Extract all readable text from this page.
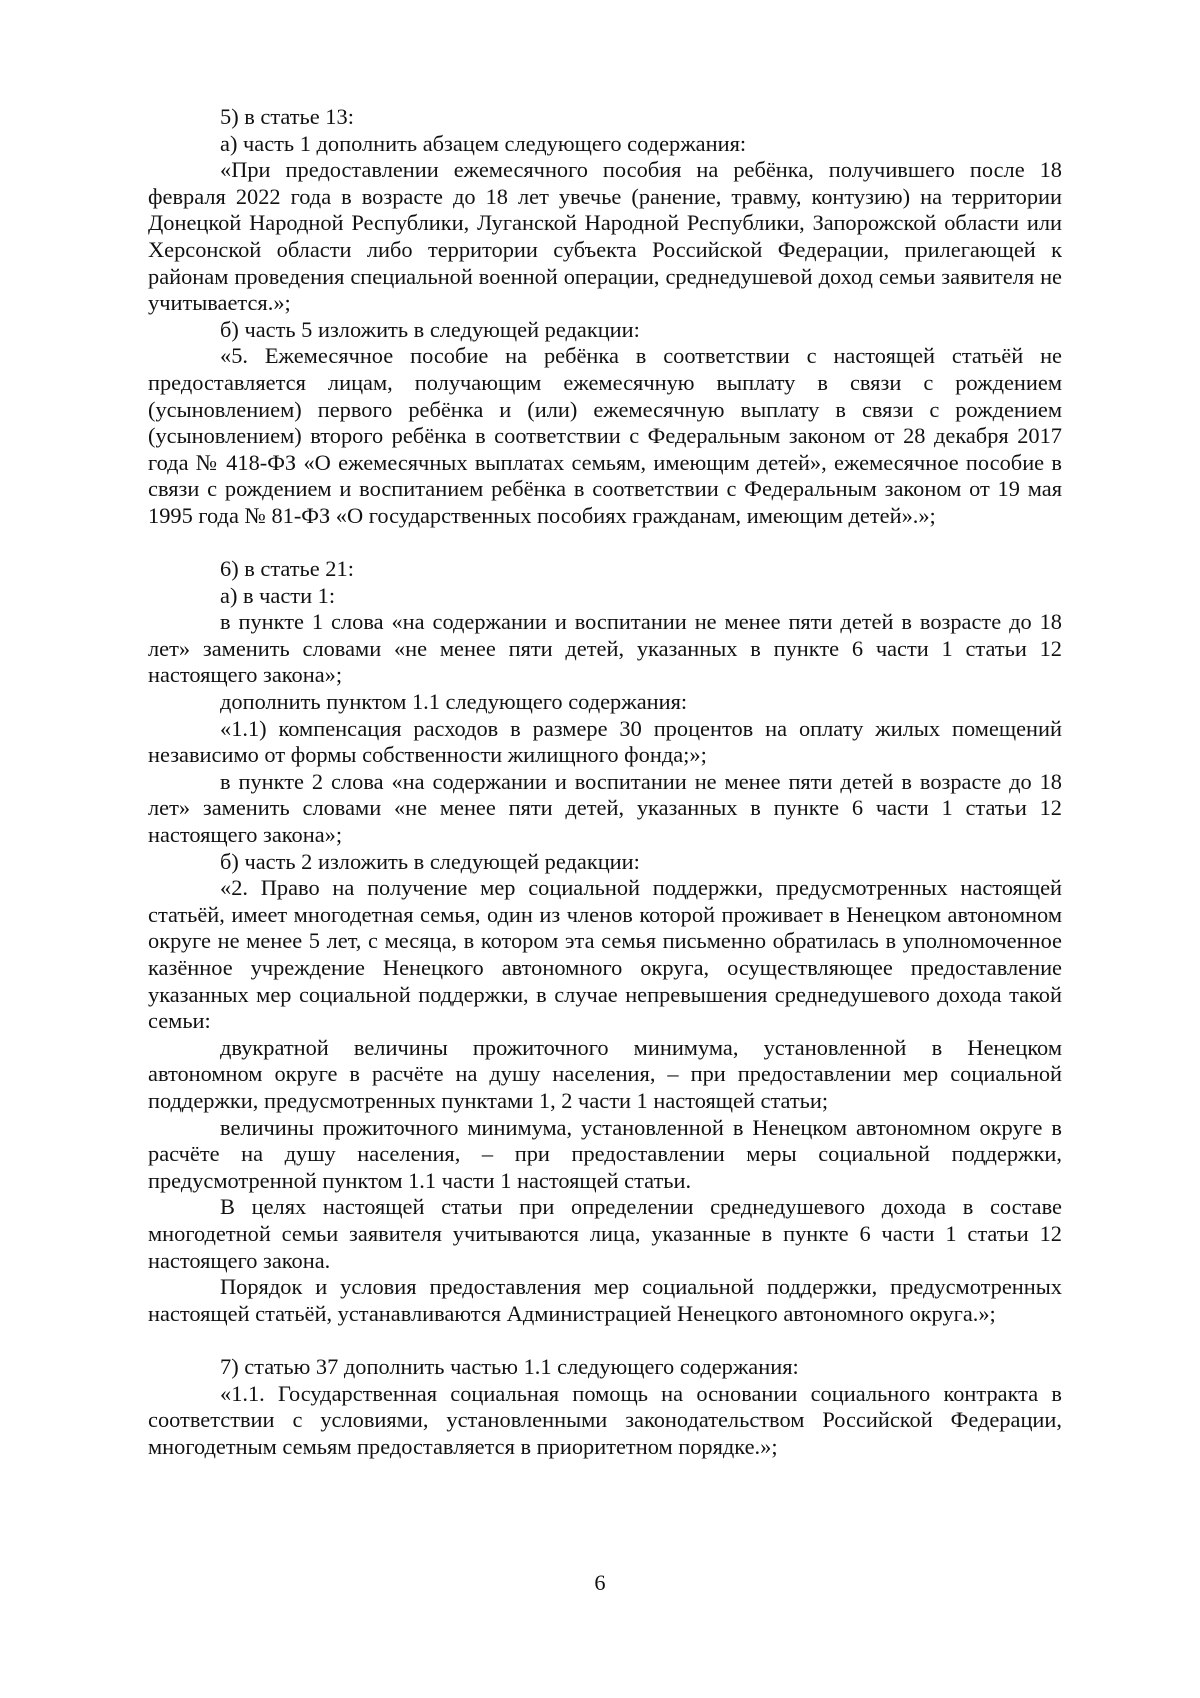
5) в статье 13:

а) часть 1 дополнить абзацем следующего содержания:

«При предоставлении ежемесячного пособия на ребёнка, получившего после 18 февраля 2022 года в возрасте до 18 лет увечье (ранение, травму, контузию) на территории Донецкой Народной Республики, Луганской Народной Республики, Запорожской области или Херсонской области либо территории субъекта Российской Федерации, прилегающей к районам проведения специальной военной операции, среднедушевой доход семьи заявителя не учитывается.»;

б) часть 5 изложить в следующей редакции:

«5. Ежемесячное пособие на ребёнка в соответствии с настоящей статьёй не предоставляется лицам, получающим ежемесячную выплату в связи с рождением (усыновлением) первого ребёнка и (или) ежемесячную выплату в связи с рождением (усыновлением) второго ребёнка в соответствии с Федеральным законом от 28 декабря 2017 года № 418-ФЗ «О ежемесячных выплатах семьям, имеющим детей», ежемесячное пособие в связи с рождением и воспитанием ребёнка в соответствии с Федеральным законом от 19 мая 1995 года № 81-ФЗ «О государственных пособиях гражданам, имеющим детей».»;

6) в статье 21:

а) в части 1:

в пункте 1 слова «на содержании и воспитании не менее пяти детей в возрасте до 18 лет» заменить словами «не менее пяти детей, указанных в пункте 6 части 1 статьи 12 настоящего закона»;

дополнить пунктом 1.1 следующего содержания:

«1.1) компенсация расходов в размере 30 процентов на оплату жилых помещений независимо от формы собственности жилищного фонда;»;

в пункте 2 слова «на содержании и воспитании не менее пяти детей в возрасте до 18 лет» заменить словами «не менее пяти детей, указанных в пункте 6 части 1 статьи 12 настоящего закона»;

б) часть 2 изложить в следующей редакции:

«2. Право на получение мер социальной поддержки, предусмотренных настоящей статьёй, имеет многодетная семья, один из членов которой проживает в Ненецком автономном округе не менее 5 лет, с месяца, в котором эта семья письменно обратилась в уполномоченное казённое учреждение Ненецкого автономного округа, осуществляющее предоставление указанных мер социальной поддержки, в случае непревышения среднедушевого дохода такой семьи:

двукратной величины прожиточного минимума, установленной в Ненецком автономном округе в расчёте на душу населения, – при предоставлении мер социальной поддержки, предусмотренных пунктами 1, 2 части 1 настоящей статьи;

величины прожиточного минимума, установленной в Ненецком автономном округе в расчёте на душу населения, – при предоставлении меры социальной поддержки, предусмотренной пунктом 1.1 части 1 настоящей статьи.

В целях настоящей статьи при определении среднедушевого дохода в составе многодетной семьи заявителя учитываются лица, указанные в пункте 6 части 1 статьи 12 настоящего закона.

Порядок и условия предоставления мер социальной поддержки, предусмотренных настоящей статьёй, устанавливаются Администрацией Ненецкого автономного округа.»;

7) статью 37 дополнить частью 1.1 следующего содержания:

«1.1. Государственная социальная помощь на основании социального контракта в соответствии с условиями, установленными законодательством Российской Федерации, многодетным семьям предоставляется в приоритетном порядке.»;

6
